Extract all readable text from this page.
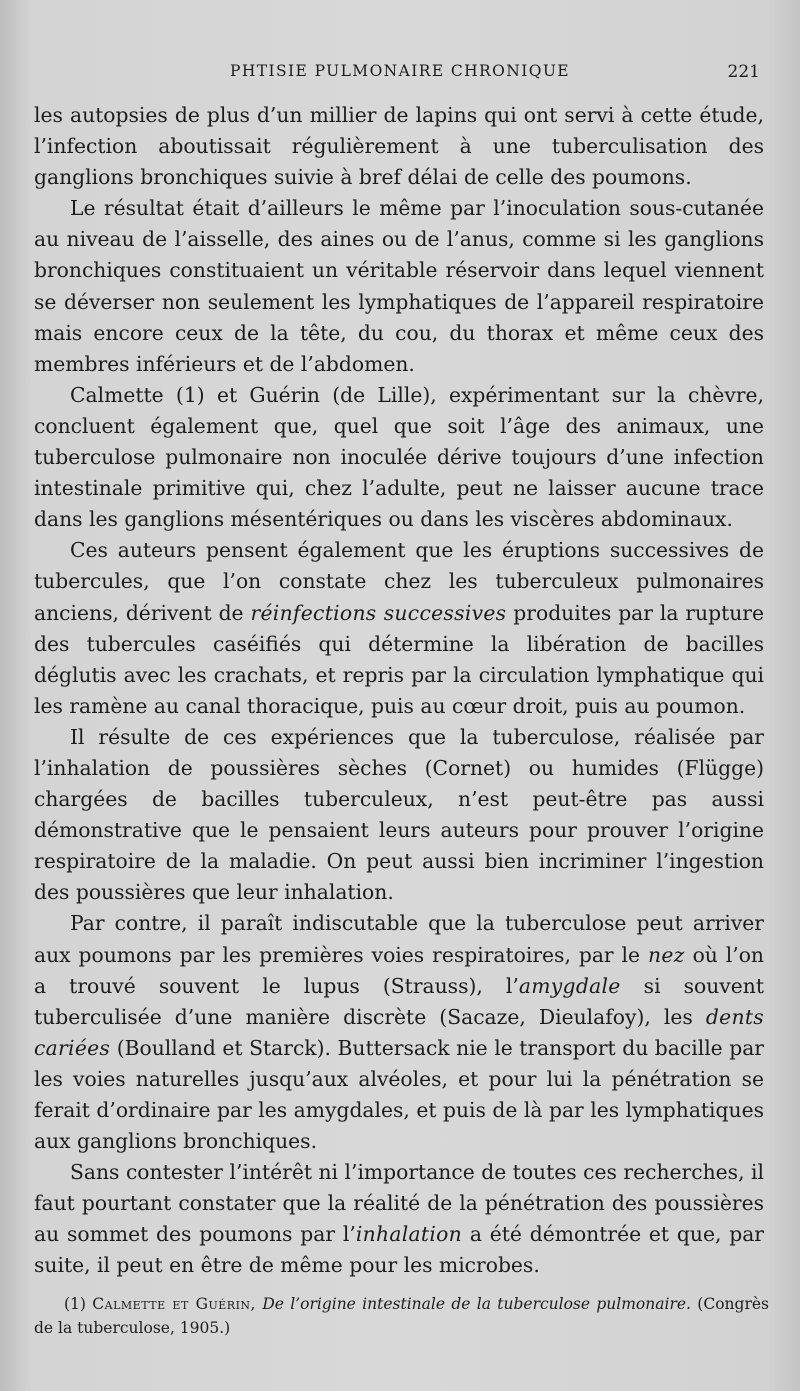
PHTISIE PULMONAIRE CHRONIQUE	221

les autopsies de plus d’un millier de lapins qui ont servi à cette étude, l’infection aboutissait régulièrement à une tuberculisation des ganglions bronchiques suivie à bref délai de celle des poumons.

Le résultat était d’ailleurs le même par l’inoculation sous-cutanée au niveau de l’aisselle, des aines ou de l’anus, comme si les ganglions bronchiques constituaient un véritable réservoir dans lequel viennent se déverser non seulement les lymphatiques de l’appareil respiratoire mais encore ceux de la tête, du cou, du thorax et même ceux des membres inférieurs et de l’abdomen.

Calmette (1) et Guérin (de Lille), expérimentant sur la chèvre, concluent également que, quel que soit l’âge des animaux, une tuberculose pulmonaire non inoculée dérive toujours d’une infection intestinale primitive qui, chez l’adulte, peut ne laisser aucune trace dans les ganglions mésentériques ou dans les viscères abdominaux.

Ces auteurs pensent également que les éruptions successives de tubercules, que l’on constate chez les tuberculeux pulmonaires anciens, dérivent de réinfections successives produites par la rupture des tubercules caséifiés qui détermine la libération de bacilles déglutis avec les crachats, et repris par la circulation lymphatique qui les ramène au canal thoracique, puis au cœur droit, puis au poumon.

Il résulte de ces expériences que la tuberculose, réalisée par l’inhalation de poussières sèches (Cornet) ou humides (Flügge) chargées de bacilles tuberculeux, n’est peut-être pas aussi démonstrative que le pensaient leurs auteurs pour prouver l’origine respiratoire de la maladie. On peut aussi bien incriminer l’ingestion des poussières que leur inhalation.

Par contre, il paraît indiscutable que la tuberculose peut arriver aux poumons par les premières voies respiratoires, par le nez où l’on a trouvé souvent le lupus (Strauss), l’amygdale si souvent tuberculisée d’une manière discrète (Sacaze, Dieulafoy), les dents cariées (Boulland et Starck). Buttersack nie le transport du bacille par les voies naturelles jusqu’aux alvéoles, et pour lui la pénétration se ferait d’ordinaire par les amygdales, et puis de là par les lymphatiques aux ganglions bronchiques.

Sans contester l’intérêt ni l’importance de toutes ces recherches, il faut pourtant constater que la réalité de la pénétration des poussières au sommet des poumons par l’inhalation a été démontrée et que, par suite, il peut en être de même pour les microbes.

(1) Calmette et Guérin, De l’origine intestinale de la tuberculose pulmonaire. (Congrès de la tuberculose, 1905.)
